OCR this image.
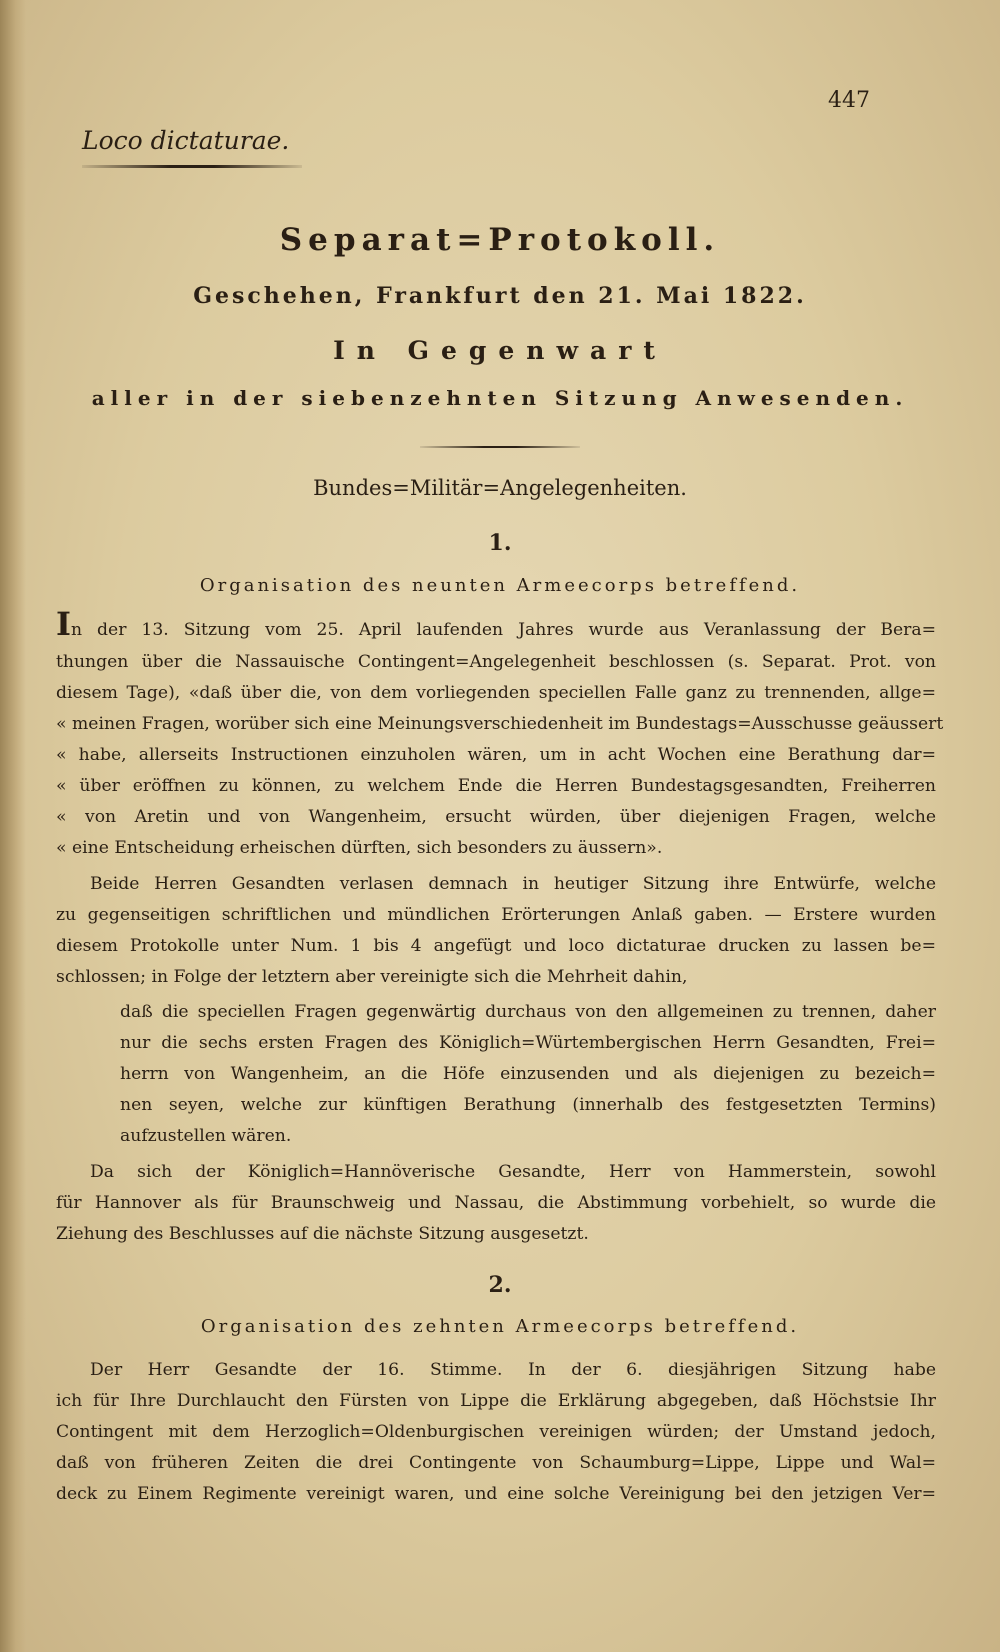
447
Loco dictaturae.
Separat=Protokoll.
Geschehen, Frankfurt den 21. Mai 1822.
In Gegenwart
aller in der siebenzehnten Sitzung Anwesenden.
Bundes=Militär=Angelegenheiten.
1.
Organisation des neunten Armeecorps betreffend.
In der 13. Sitzung vom 25. April laufenden Jahres wurde aus Veranlassung der Bera=
thungen über die Nassauische Contingent=Angelegenheit beschlossen (s. Separat. Prot. von
diesem Tage), «daß über die, von dem vorliegenden speciellen Falle ganz zu trennenden, allge=
« meinen Fragen, worüber sich eine Meinungsverschiedenheit im Bundestags=Ausschusse geäussert
« habe, allerseits Instructionen einzuholen wären, um in acht Wochen eine Berathung dar=
« über eröffnen zu können, zu welchem Ende die Herren Bundestagsgesandten, Freiherren
« von Aretin und von Wangenheim, ersucht würden, über diejenigen Fragen, welche
« eine Entscheidung erheischen dürften, sich besonders zu äussern».
Beide Herren Gesandten verlasen demnach in heutiger Sitzung ihre Entwürfe, welche
zu gegenseitigen schriftlichen und mündlichen Erörterungen Anlaß gaben. — Erstere wurden
diesem Protokolle unter Num. 1 bis 4 angefügt und loco dictaturae drucken zu lassen be=
schlossen; in Folge der letztern aber vereinigte sich die Mehrheit dahin,
daß die speciellen Fragen gegenwärtig durchaus von den allgemeinen zu trennen, daher
nur die sechs ersten Fragen des Königlich=Würtembergischen Herrn Gesandten, Frei=
herrn von Wangenheim, an die Höfe einzusenden und als diejenigen zu bezeich=
nen seyen, welche zur künftigen Berathung (innerhalb des festgesetzten Termins)
aufzustellen wären.
Da sich der Königlich=Hannöverische Gesandte, Herr von Hammerstein, sowohl
für Hannover als für Braunschweig und Nassau, die Abstimmung vorbehielt, so wurde die
Ziehung des Beschlusses auf die nächste Sitzung ausgesetzt.
2.
Organisation des zehnten Armeecorps betreffend.
Der Herr Gesandte der 16. Stimme. In der 6. diesjährigen Sitzung habe
ich für Ihre Durchlaucht den Fürsten von Lippe die Erklärung abgegeben, daß Höchstsie Ihr
Contingent mit dem Herzoglich=Oldenburgischen vereinigen würden; der Umstand jedoch,
daß von früheren Zeiten die drei Contingente von Schaumburg=Lippe, Lippe und Wal=
deck zu Einem Regimente vereinigt waren, und eine solche Vereinigung bei den jetzigen Ver=
